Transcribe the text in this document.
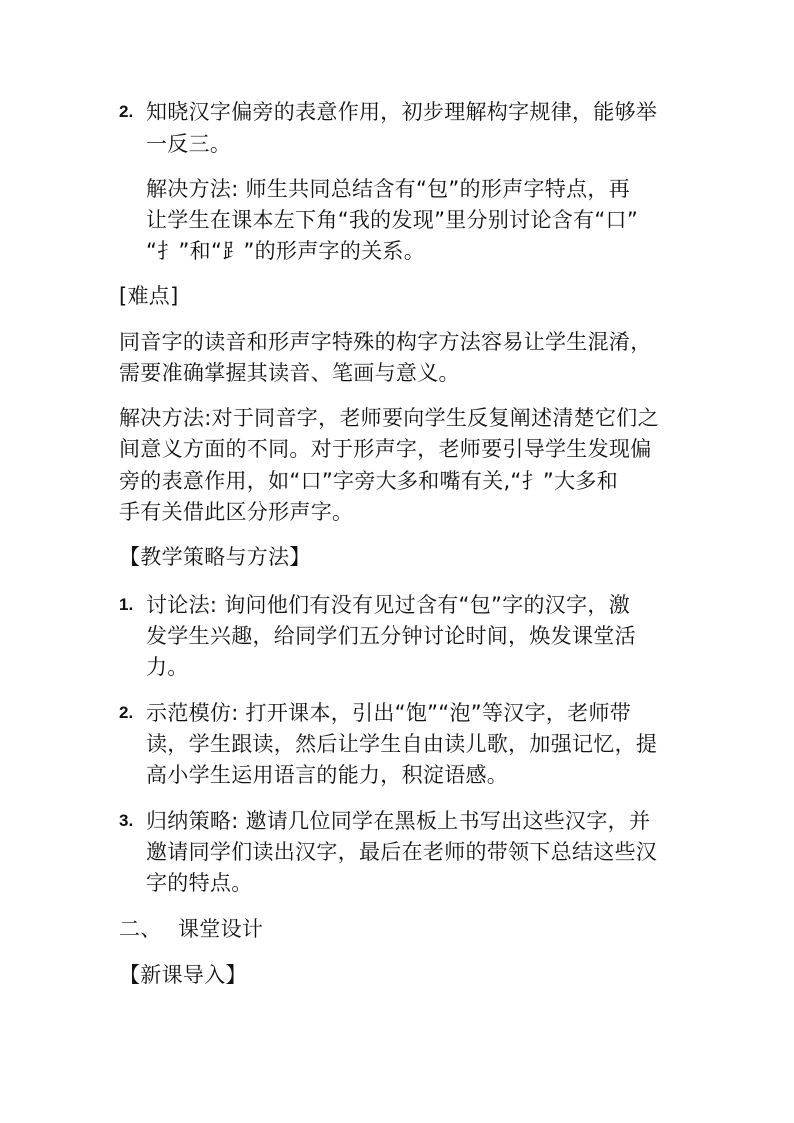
2. 知晓汉字偏旁的表意作用，初步理解构字规律，能够举
一反三。
解决方法: 师生共同总结含有“包”的形声字特点，再
让学生在课本左下角“我的发现”里分别讨论含有“口”
“扌”和“⻊”的形声字的关系。
[难点]
同音字的读音和形声字特殊的构字方法容易让学生混淆，
需要准确掌握其读音、笔画与意义。
解决方法:对于同音字，老师要向学生反复阐述清楚它们之
间意义方面的不同。对于形声字，老师要引导学生发现偏
旁的表意作用，如“口”字旁大多和嘴有关,“扌”大多和
手有关借此区分形声字。
【教学策略与方法】
1. 讨论法: 询问他们有没有见过含有“包”字的汉字，激
发学生兴趣，给同学们五分钟讨论时间，焕发课堂活
力。
2. 示范模仿: 打开课本，引出“饱”“泡”等汉字，老师带
读，学生跟读，然后让学生自由读儿歌，加强记忆，提
高小学生运用语言的能力，积淀语感。
3. 归纳策略: 邀请几位同学在黑板上书写出这些汉字，并
邀请同学们读出汉字，最后在老师的带领下总结这些汉
字的特点。
二、 课堂设计
【新课导入】
